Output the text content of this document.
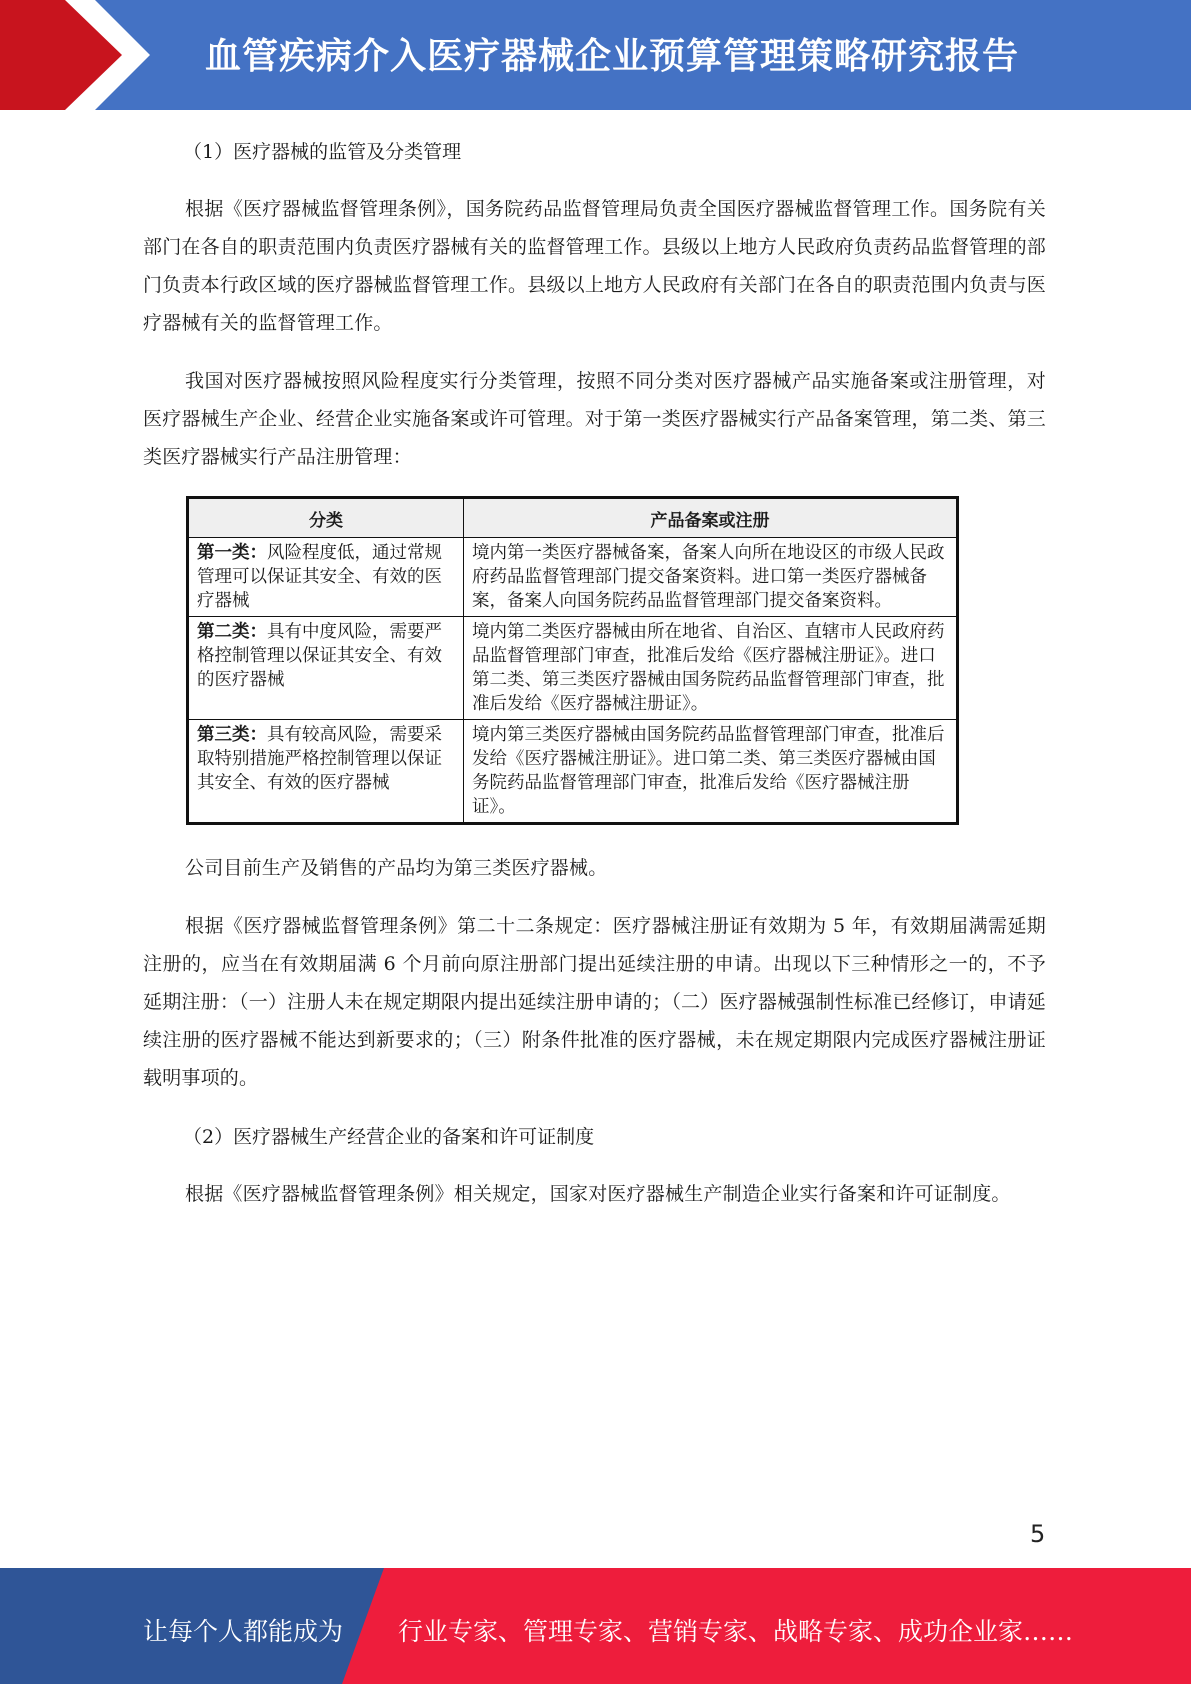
血管疾病介入医疗器械企业预算管理策略研究报告

（1）医疗器械的监管及分类管理

根据《医疗器械监督管理条例》，国务院药品监督管理局负责全国医疗器械监督管理工作。国务院有关部门在各自的职责范围内负责医疗器械有关的监督管理工作。县级以上地方人民政府负责药品监督管理的部门负责本行政区域的医疗器械监督管理工作。县级以上地方人民政府有关部门在各自的职责范围内负责与医疗器械有关的监督管理工作。

我国对医疗器械按照风险程度实行分类管理，按照不同分类对医疗器械产品实施备案或注册管理，对医疗器械生产企业、经营企业实施备案或许可管理。对于第一类医疗器械实行产品备案管理，第二类、第三类医疗器械实行产品注册管理：

分类	产品备案或注册
第一类：风险程度低，通过常规管理可以保证其安全、有效的医疗器械	境内第一类医疗器械备案，备案人向所在地设区的市级人民政府药品监督管理部门提交备案资料。进口第一类医疗器械备案，备案人向国务院药品监督管理部门提交备案资料。
第二类：具有中度风险，需要严格控制管理以保证其安全、有效的医疗器械	境内第二类医疗器械由所在地省、自治区、直辖市人民政府药品监督管理部门审查，批准后发给《医疗器械注册证》。进口第二类、第三类医疗器械由国务院药品监督管理部门审查，批准后发给《医疗器械注册证》。
第三类：具有较高风险，需要采取特别措施严格控制管理以保证其安全、有效的医疗器械	境内第三类医疗器械由国务院药品监督管理部门审查，批准后发给《医疗器械注册证》。进口第二类、第三类医疗器械由国务院药品监督管理部门审查，批准后发给《医疗器械注册证》。

公司目前生产及销售的产品均为第三类医疗器械。

根据《医疗器械监督管理条例》第二十二条规定：医疗器械注册证有效期为 5 年，有效期届满需延期注册的，应当在有效期届满 6 个月前向原注册部门提出延续注册的申请。出现以下三种情形之一的，不予延期注册：（一）注册人未在规定期限内提出延续注册申请的；（二）医疗器械强制性标准已经修订，申请延续注册的医疗器械不能达到新要求的；（三）附条件批准的医疗器械，未在规定期限内完成医疗器械注册证载明事项的。

（2）医疗器械生产经营企业的备案和许可证制度

根据《医疗器械监督管理条例》相关规定，国家对医疗器械生产制造企业实行备案和许可证制度。

5
让每个人都能成为 行业专家、管理专家、营销专家、战略专家、成功企业家……
